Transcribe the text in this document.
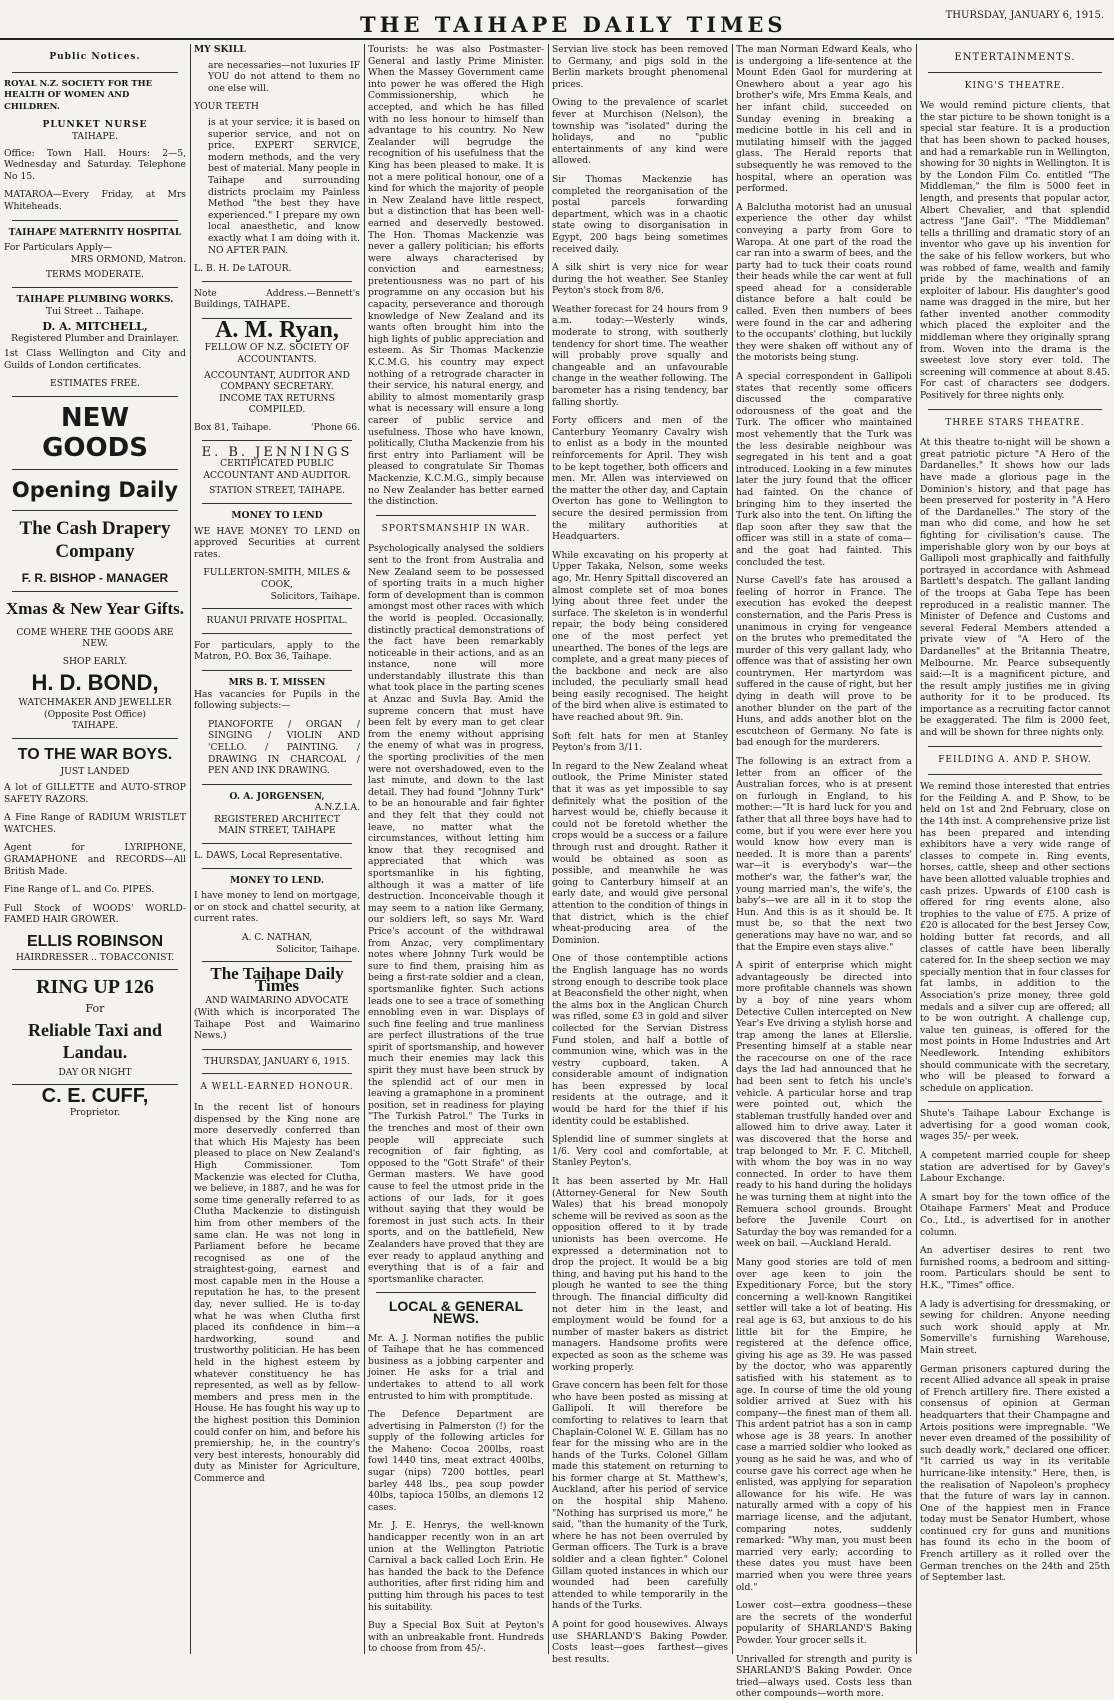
THE TAIHAPE DAILY TIMES	THURSDAY, JANUARY 6, 1915.
Public Notices.
ROYAL N.Z. SOCIETY FOR THE HEALTH OF WOMEN AND CHILDREN.
PLUNKET NURSE
TAIHAPE.

Office: Town Hall. Hours: 2—5, Wednesday and Saturday. Telephone No 15.

MATAROA—Every Friday, at Mrs Whiteheads.

TAIHAPE MATERNITY HOSPITAL
For Particulars Apply—
MRS ORMOND, Matron.
TERMS MODERATE.
TAIHAPE PLUMBING WORKS.
Tui Street .. Taihape.
D. A. MITCHELL,
Registered Plumber and Drainlayer.

1st Class Wellington and City and Guilds of London certificates.

ESTIMATES FREE.
NEW GOODS
Opening Daily
The Cash Drapery Company
F. R. BISHOP - MANAGER
Xmas & New Year Gifts.
COME WHERE THE GOODS ARE NEW.
SHOP EARLY.
H. D. BOND,
WATCHMAKER AND JEWELLER
(Opposite Post Office)
TAIHAPE.
TO THE WAR BOYS.
JUST LANDED

A lot of GILLETTE and AUTO-STROP SAFETY RAZORS.

A Fine Range of RADIUM WRISTLET WATCHES.

Agent for LYRIPHONE, GRAMAPHONE and RECORDS—All British Made.

Fine Range of L. and Co. PIPES.

Full Stock of WOODS' WORLD-FAMED HAIR GROWER.

ELLIS ROBINSON
HAIRDRESSER .. TOBACCONIST.
RING UP 126
For
Reliable Taxi and Landau.
DAY OR NIGHT
C. E. CUFF,
Proprietor.
MY SKILL

are necessaries—not luxuries IF YOU do not attend to them no one else will.

YOUR TEETH

is at your service; it is based on superior service, and not on price. EXPERT SERVICE, modern methods, and the very best of material. Many people in Taihape and surrounding districts proclaim my Painless Method "the best they have experienced." I prepare my own local anaesthetic, and know exactly what I am doing with it. NO AFTER PAIN.

L. B. H. De LATOUR.

Note Address.—Bennett's Buildings, TAIHAPE.

A. M. Ryan,
FELLOW OF N.Z. SOCIETY OF ACCOUNTANTS.
ACCOUNTANT, AUDITOR AND COMPANY SECRETARY.
INCOME TAX RETURNS COMPILED.
Box 81, Taihape.	'Phone 66.
E. B. JENNINGS
CERTIFICATED PUBLIC ACCOUNTANT AND AUDITOR.
STATION STREET, TAIHAPE.
MONEY TO LEND

WE HAVE MONEY TO LEND on approved Securities at current rates.

FULLERTON-SMITH, MILES & COOK,
Solicitors, Taihape.
RUANUI PRIVATE HOSPITAL.

For particulars, apply to the Matron, P.O. Box 36, Taihape.

MRS B. T. MISSEN

Has vacancies for Pupils in the following subjects:—

PIANOFORTE / ORGAN / SINGING / VIOLIN AND 'CELLO. / PAINTING. / DRAWING IN CHARCOAL / PEN AND INK DRAWING.

O. A. JORGENSEN,
A.N.Z.I.A.
REGISTERED ARCHITECT
MAIN STREET, TAIHAPE
L. DAWS, Local Representative.
MONEY TO LEND.

I have money to lend on mortgage, or on stock and chattel security, at current rates.

A. C. NATHAN,
Solicitor, Taihape.
The Taihape Daily Times
AND WAIMARINO ADVOCATE

(With which is incorporated The Taihape Post and Waimarino News.)

THURSDAY, JANUARY 6, 1915.
A WELL-EARNED HONOUR.

In the recent list of honours dispensed by the King none are more deservedly conferred than that which His Majesty has been pleased to place on New Zealand's High Commissioner. Tom Mackenzie was elected for Clutha, we believe, in 1887, and he was for some time generally referred to as Clutha Mackenzie to distinguish him from other members of the same clan. He was not long in Parliament before he became recognised as one of the straightest-going, earnest and most capable men in the House a reputation he has, to the present day, never sullied. He is to-day what he was when Clutha first placed its confidence in him—a hardworking, sound and trustworthy politician. He has been held in the highest esteem by whatever constituency he has represented, as well as by fellow-members and press men in the House. He has fought his way up to the highest position this Dominion could confer on him, and before his premiership, he, in the country's very best interests, honourably did duty as Minister for Agriculture, Commerce and

Tourists: he was also Postmaster-General and lastly Prime Minister. When the Massey Government came into power he was offered the High Commissionership, which he accepted, and which he has filled with no less honour to himself than advantage to his country. No New Zealander will begrudge the recognition of his usefulness that the King has been pleased to make. It is not a mere political honour, one of a kind for which the majority of people in New Zealand have little respect, but a distinction that has been well-earned and deservedly bestowed. The Hon. Thomas Mackenzie was never a gallery politician; his efforts were always characterised by conviction and earnestness; pretentiousness was no part of his programme on any occasion but his capacity, perseverance and thorough knowledge of New Zealand and its wants often brought him into the high lights of public appreciation and esteem. As Sir Thomas Mackenzie K.C.M.G. his country may expect nothing of a retrograde character in their service, his natural energy, and ability to almost momentarily grasp what is necessary will ensure a long career of public service and usefulness. Those who have known, politically, Clutha Mackenzie from his first entry into Parliament will be pleased to congratulate Sir Thomas Mackenzie, K.C.M.G., simply because no New Zealander has better earned the distinction.

SPORTSMANSHIP IN WAR.

Psychologically analysed the soldiers sent to the front from Australia and New Zealand seem to be possessed of sporting traits in a much higher form of development than is common amongst most other races with which the world is peopled. Occasionally, distinctly practical demonstrations of the fact have been remarkably noticeable in their actions, and as an instance, none will more understandably illustrate this than what took place in the parting scenes at Anzac and Suvla Bay. Amid the supreme concern that must have been felt by every man to get clear from the enemy without apprising the enemy of what was in progress, the sporting proclivities of the men were not overshadowed, even to the last minute, and down to the last detail. They had found "Johnny Turk" to be an honourable and fair fighter and they felt that they could not leave, no matter what the circumstances, without letting him know that they recognised and appreciated that which was sportsmanlike in his fighting, although it was a matter of life destruction. Inconceivable though it may seem to a nation like Germany, our soldiers left, so says Mr. Ward Price's account of the withdrawal from Anzac, very complimentary notes where Johnny Turk would be sure to find them, praising him as being a first-rate soldier and a clean, sportsmanlike fighter. Such actions leads one to see a trace of something ennobling even in war. Displays of such fine feeling and true manliness are perfect illustrations of the true spirit of sportsmanship, and however much their enemies may lack this spirit they must have been struck by the splendid act of our men in leaving a gramaphone in a prominent position, set in readiness for playing "The Turkish Patrol." The Turks in the trenches and most of their own people will appreciate such recognition of fair fighting, as opposed to the "Gott Strafe" of their German masters. We have good cause to feel the utmost pride in the actions of our lads, for it goes without saying that they would be foremost in just such acts. In their sports, and on the battlefield, New Zealanders have proved that they are ever ready to applaud anything and everything that is of a fair and sportsmanlike character.

LOCAL & GENERAL NEWS.

Mr. A. J. Norman notifies the public of Taihape that he has commenced business as a jobbing carpenter and joiner. He asks for a trial and undertakes to attend to all work entrusted to him with promptitude.

The Defence Department are advertising in Palmerston (!) for the supply of the following articles for the Maheno: Cocoa 200lbs, roast fowl 1440 tins, meat extract 400lbs, sugar (nips) 7200 bottles, pearl barley 448 lbs., pea soup powder 40lbs, tapioca 150lbs, an dlemons 12 cases.

Mr. J. E. Henrys, the well-known handicapper recently won in an art union at the Wellington Patriotic Carnival a back called Loch Erin. He has handed the back to the Defence authorities, after first riding him and putting him through his paces to test his suitability.

Buy a Special Box Suit at Peyton's with an unbreakable front. Hundreds to choose from from 45/-.

Servian live stock has been removed to Germany, and pigs sold in the Berlin markets brought phenomenal prices.

Owing to the prevalence of scarlet fever at Murchison (Nelson), the township was "isolated" during the holidays, and no "public entertainments of any kind were allowed.

Sir Thomas Mackenzie has completed the reorganisation of the postal parcels forwarding department, which was in a chaotic state owing to disorganisation in Egypt, 200 bags being sometimes received daily.

A silk shirt is very nice for wear during the hot weather. See Stanley Peyton's stock from 8/6.

Weather forecast for 24 hours from 9 a.m. today:—Westerly winds, moderate to strong, with southerly tendency for short time. The weather will probably prove squally and changeable and an unfavourable change in the weather following. The barometer has a rising tendency, bar falling shortly.

Forty officers and men of the Canterbury Yeomanry Cavalry wish to enlist as a body in the mounted reinforcements for April. They wish to be kept together, both officers and men. Mr. Allen was interviewed on the matter the other day, and Captain Overton has gone to Wellington to secure the desired permission from the military authorities at Headquarters.

While excavating on his property at Upper Takaka, Nelson, some weeks ago, Mr. Henry Spittall discovered an almost complete set of moa bones lying about three feet under the surface. The skeleton is in wonderful repair, the body being considered one of the most perfect yet unearthed. The bones of the legs are complete, and a great many pieces of the backbone and neck are also included, the peculiarly small head being easily recognised. The height of the bird when alive is estimated to have reached about 9ft. 9in.

Soft felt hats for men at Stanley Peyton's from 3/11.

In regard to the New Zealand wheat outlook, the Prime Minister stated that it was as yet impossible to say definitely what the position of the harvest would be, chiefly because it could not be foretold whether the crops would be a success or a failure through rust and drought. Rather it would be obtained as soon as possible, and meanwhile he was going to Canterbury himself at an early date, and would give personal attention to the condition of things in that district, which is the chief wheat-producing area of the Dominion.

One of those contemptible actions the English language has no words strong enough to describe took place at Beaconsfield the other night, when the alms box in the Anglican Church was rifled, some £3 in gold and silver collected for the Servian Distress Fund stolen, and half a bottle of communion wine, which was in the vestry cupboard, taken. A considerable amount of indignation has been expressed by local residents at the outrage, and it would be hard for the thief if his identity could be established.

Splendid line of summer singlets at 1/6. Very cool and comfortable, at Stanley Peyton's.

It has been asserted by Mr. Hall (Attorney-General for New South Wales) that his bread monopoly scheme will be revived as soon as the opposition offered to it by trade unionists has been overcome. He expressed a determination not to drop the project. It would be a big thing, and having put his hand to the plough he wanted to see the thing through. The financial difficulty did not deter him in the least, and employment would be found for a number of master bakers as district managers. Handsome profits were expected as soon as the scheme was working properly.

Grave concern has been felt for those who have been posted as missing at Gallipoli. It will therefore be comforting to relatives to learn that Chaplain-Colonel W. E. Gillam has no fear for the missing who are in the hands of the Turks. Colonel Gillam made this statement on returning to his former charge at St. Matthew's, Auckland, after his period of service on the hospital ship Maheno. "Nothing has surprised us more," he said, "than the humanity of the Turk, where he has not been overruled by German officers. The Turk is a brave soldier and a clean fighter." Colonel Gillam quoted instances in which our wounded had been carefully attended to while temporarily in the hands of the Turks.

A point for good housewives. Always use SHARLAND'S Baking Powder. Costs least—goes farthest—gives best results.

The man Norman Edward Keals, who is undergoing a life-sentence at the Mount Eden Gaol for murdering at Onewhero about a year ago his brother's wife, Mrs Emma Keals, and her infant child, succeeded on Sunday evening in breaking a medicine bottle in his cell and in mutilating himself with the jagged glass. The Herald reports that subsequently he was removed to the hospital, where an operation was performed.

A Balclutha motorist had an unusual experience the other day whilst conveying a party from Gore to Waropa. At one part of the road the car ran into a swarm of bees, and the party had to tuck their coats round their heads while the car went at full speed ahead for a considerable distance before a halt could be called. Even then numbers of bees were found in the car and adhering to the occupants' clothing, but luckily they were shaken off without any of the motorists being stung.

A special correspondent in Gallipoli states that recently some officers discussed the comparative odorousness of the goat and the Turk. The officer who maintained most vehemently that the Turk was the less desirable neighbour was segregated in his tent and a goat introduced. Looking in a few minutes later the jury found that the officer had fainted. On the chance of bringing him to they inserted the Turk also into the tent. On lifting the flap soon after they saw that the officer was still in a state of coma—and the goat had fainted. This concluded the test.

Nurse Cavell's fate has aroused a feeling of horror in France. The execution has evoked the deepest consternation, and the Paris Press is unanimous in crying for vengeance on the brutes who premeditated the murder of this very gallant lady, who offence was that of assisting her own countrymen. Her martyrdom was suffered in the cause of right, but her dying in death will prove to be another blunder on the part of the Huns, and adds another blot on the escutcheon of Germany. No fate is bad enough for the murderers.

The following is an extract from a letter from an officer of the Australian forces, who is at present on furlough in England, to his mother:—"It is hard luck for you and father that all three boys have had to come, but if you were ever here you would know how every man is needed. It is more than a parents' war—it is everybody's war—the mother's war, the father's war, the young married man's, the wife's, the baby's—we are all in it to stop the Hun. And this is as it should be. It must be, so that the next two generations may have no war, and so that the Empire even stays alive."

A spirit of enterprise which might advantageously be directed into more profitable channels was shown by a boy of nine years whom Detective Cullen intercepted on New Year's Eve driving a stylish horse and trap among the lanes at Ellerslie. Presenting himself at a stable near the racecourse on one of the race days the lad had announced that he had been sent to fetch his uncle's vehicle. A particular horse and trap were pointed out, which the stableman trustfully handed over and allowed him to drive away. Later it was discovered that the horse and trap belonged to Mr. F. C. Mitchell, with whom the boy was in no way connected. In order to have them ready to his hand during the holidays he was turning them at night into the Remuera school grounds. Brought before the Juvenile Court on Saturday the boy was remanded for a week on bail. —Auckland Herald.

Many good stories are told of men over age keen to join the Expeditionary Force, but the story concerning a well-known Rangitikei settler will take a lot of beating. His real age is 63, but anxious to do his little bit for the Empire, he registered at the defence office, giving his age as 39. He was passed by the doctor, who was apparently satisfied with his statement as to age. In course of time the old young soldier arrived at Suez with his company—the finest man of them all. This ardent patriot has a son in camp whose age is 38 years. In another case a married soldier who looked as young as he said he was, and who of course gave his correct age when he enlisted, was applying for separation allowance for his wife. He was naturally armed with a copy of his marriage license, and the adjutant, comparing notes, suddenly remarked: "Why man, you must been married very early; according to these dates you must have been married when you were three years old."

Lower cost—extra goodness—these are the secrets of the wonderful popularity of SHARLAND'S Baking Powder. Your grocer sells it.

Unrivalled for strength and purity is SHARLAND'S Baking Powder. Once tried—always used. Costs less than other compounds—worth more.

ENTERTAINMENTS.
KING'S THEATRE.

We would remind picture clients, that the star picture to be shown tonight is a special star feature. It is a production that has been shown to packed houses, and had a remarkable run in Wellington, showing for 30 nights in Wellington. It is by the London Film Co. entitled "The Middleman," the film is 5000 feet in length, and presents that popular actor, Albert Chevalier, and that splendid actress "Jane Gail". "The Middleman" tells a thrilling and dramatic story of an inventor who gave up his invention for the sake of his fellow workers, but who was robbed of fame, wealth and family pride by the machinations of an exploiter of labour. His daughter's good name was dragged in the mire, but her father invented another commodity which placed the exploiter and the middleman where they originally sprang from. Woven into the drama is the sweetest love story ever told. The screening will commence at about 8.45. For cast of characters see dodgers. Positively for three nights only.

THREE STARS THEATRE.

At this theatre to-night will be shown a great patriotic picture "A Hero of the Dardanelles." It shows how our lads have made a glorious page in the Dominion's history, and that page has been preserved for posterity in "A Hero of the Dardanelles." The story of the man who did come, and how he set fighting for civilisation's cause. The imperishable glory won by our boys at Gallipoli most graphically and faithfully portrayed in accordance with Ashmead Bartlett's despatch. The gallant landing of the troops at Gaba Tepe has been reproduced in a realistic manner. The Minister of Defence and Customs and several Federal Members attended a private view of "A Hero of the Dardanelles" at the Britannia Theatre, Melbourne. Mr. Pearce subsequently said:—It is a magnificent picture, and the result amply justifies me in giving authority for it to be produced. Its importance as a recruiting factor cannot be exaggerated. The film is 2000 feet, and will be shown for three nights only.

FEILDING A. AND P. SHOW.

We remind those interested that entries for the Feilding A. and P. Show, to be held on 1st and 2nd February, close on the 14th inst. A comprehensive prize list has been prepared and intending exhibitors have a very wide range of classes to compete in. Ring events, horses, cattle, sheep and other sections have been allotted valuable trophies and cash prizes. Upwards of £100 cash is offered for ring events alone, also trophies to the value of £75. A prize of £20 is allocated for the best Jersey Cow, holding butter fat records, and all classes of cattle have been liberally catered for. In the sheep section we may specially mention that in four classes for fat lambs, in addition to the Association's prize money, three gold medals and a silver cup are offered; all to be won outright. A challenge cup, value ten guineas, is offered for the most points in Home Industries and Art Needlework. Intending exhibitors should communicate with the secretary, who will be pleased to forward a schedule on application.

Shute's Taihape Labour Exchange is advertising for a good woman cook, wages 35/- per week.

A competent married couple for sheep station are advertised for by Gavey's Labour Exchange.

A smart boy for the town office of the Otaihape Farmers' Meat and Produce Co., Ltd., is advertised for in another column.

An advertiser desires to rent two furnished rooms, a bedroom and sitting-room. Particulars should be sent to H.K., "Times" office.

A lady is advertising for dressmaking, or sewing for children. Anyone needing such work should apply at Mr. Somerville's furnishing Warehouse, Main street.

German prisoners captured during the recent Allied advance all speak in praise of French artillery fire. There existed a consensus of opinion at German headquarters that their Champagne and Artois positions were impregnable. "We never even dreamed of the possibility of such deadly work," declared one officer. "It carried us way in its veritable hurricane-like intensity." Here, then, is the realisation of Napoleon's prophecy that the future of wars lay in cannon. One of the happiest men in France today must be Senator Humbert, whose continued cry for guns and munitions has found its echo in the boom of French artillery as it rolled over the German trenches on the 24th and 25th of September last.
